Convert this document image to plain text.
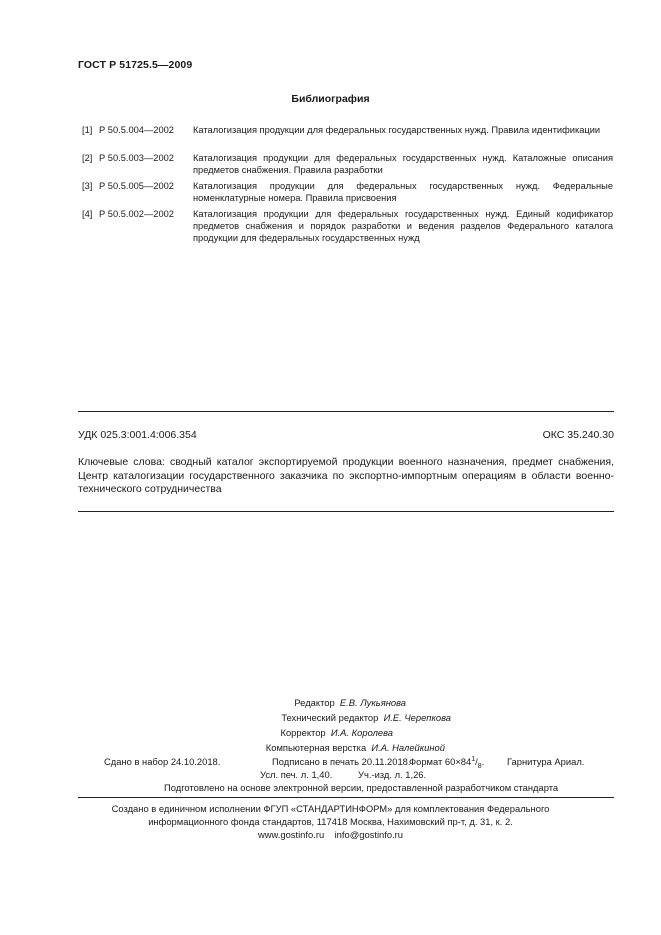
ГОСТ Р 51725.5—2009
Библиография
[1] Р 50.5.004—2002	Каталогизация продукции для федеральных государственных нужд. Правила идентификации
[2] Р 50.5.003—2002	Каталогизация продукции для федеральных государственных нужд. Каталожные описания предметов снабжения. Правила разработки
[3] Р 50.5.005—2002	Каталогизация продукции для федеральных государственных нужд. Федеральные номенклатурные номера. Правила присвоения
[4] Р 50.5.002—2002	Каталогизация продукции для федеральных государственных нужд. Единый кодификатор предметов снабжения и порядок разработки и ведения разделов Федерального каталога продукции для федеральных государственных нужд
УДК 025.3:001.4:006.354	ОКС 35.240.30
Ключевые слова: сводный каталог экспортируемой продукции военного назначения, предмет снабжения, Центр каталогизации государственного заказчика по экспортно-импортным операциям в области военно-технического сотрудничества
Редактор Е.В. Лукьянова
Технический редактор И.Е. Черепкова
Корректор И.А. Королева
Компьютерная верстка И.А. Налейкиной
Сдано в набор 24.10.2018.	Подписано в печать 20.11.2018.
Формат $60\times 84^1/_8$. Гарнитура Ариал.
Усл. печ. л. 1,40.	Уч.-изд. л. 1,26.
Подготовлено на основе электронной версии, предоставленной разработчиком стандарта
Создано в единичном исполнении ФГУП «СТАНДАРТИНФОРМ» для комплектования Федерального
информационного фонда стандартов, 117418 Москва, Нахимовский пр-т, д. 31, к. 2.
www.gostinfo.ru info@gostinfo.ru
